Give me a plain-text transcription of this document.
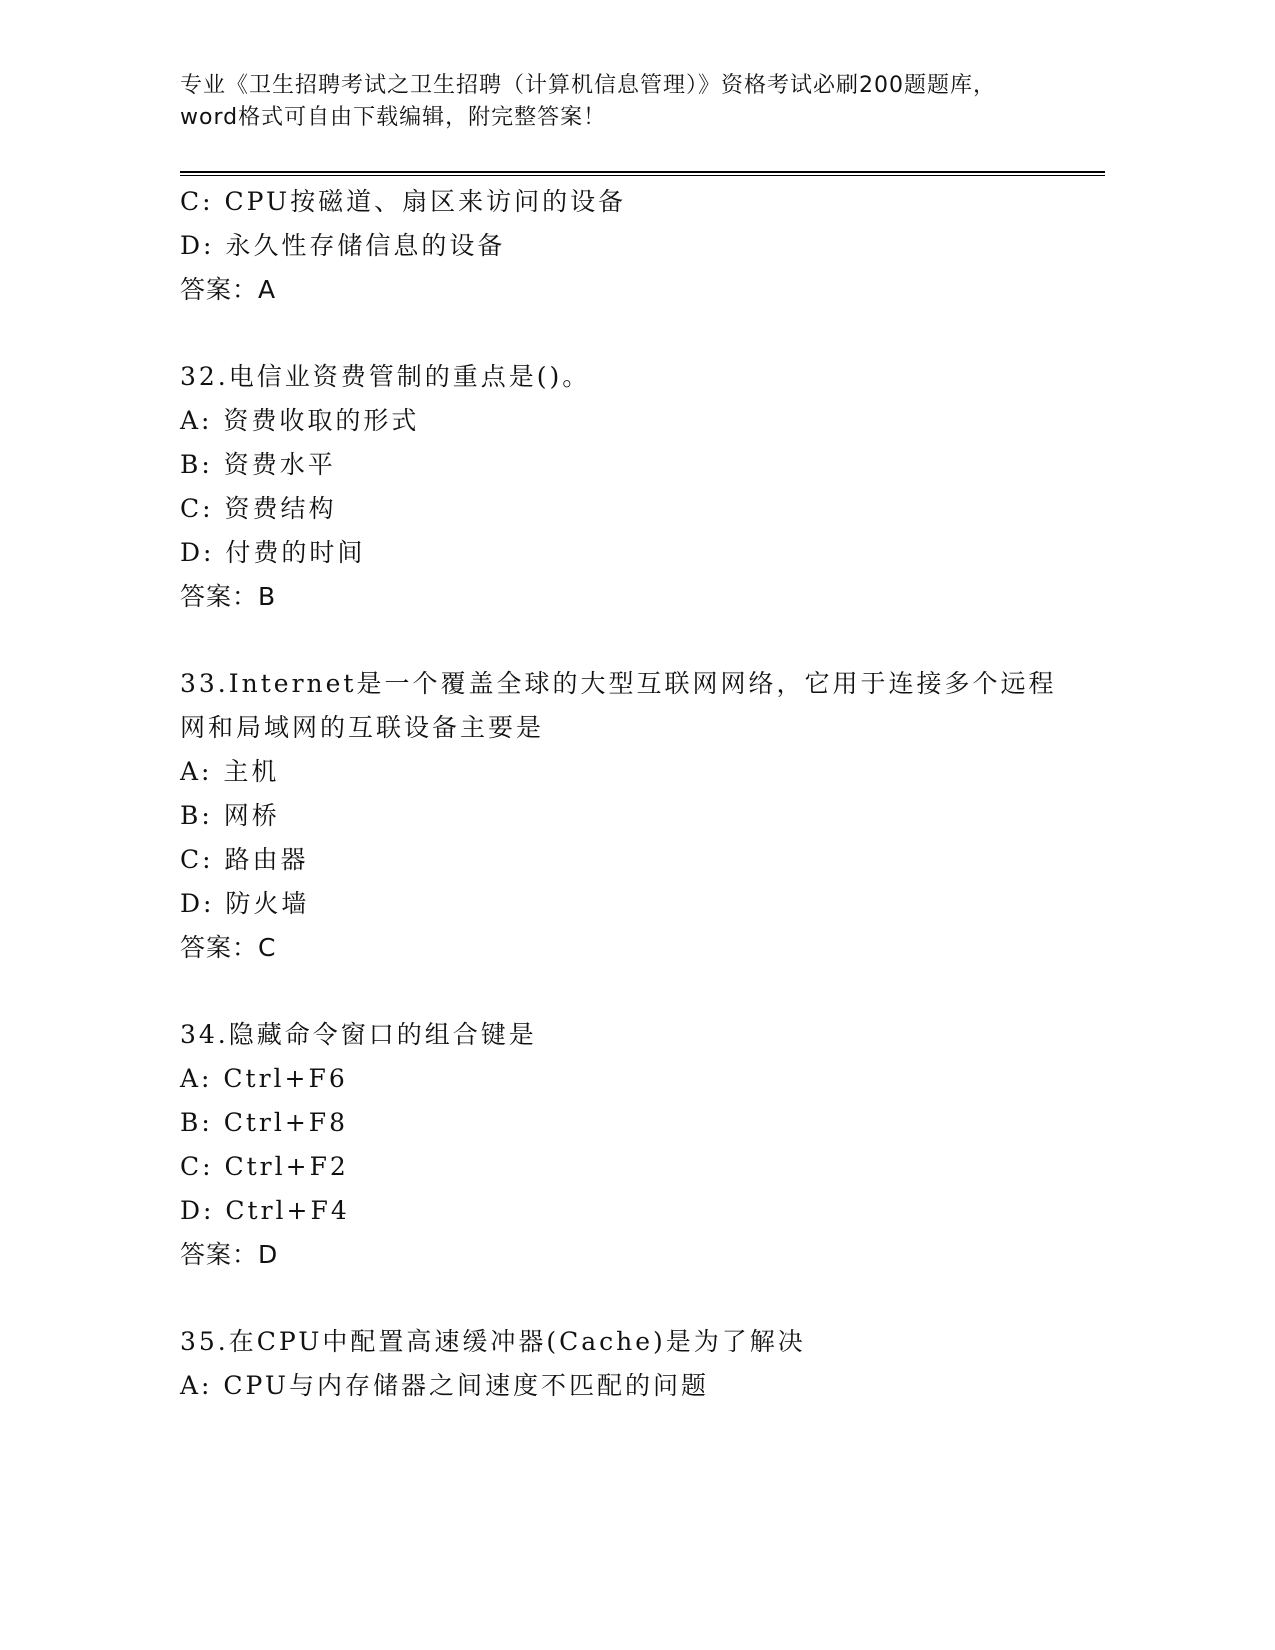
专业《卫生招聘考试之卫生招聘（计算机信息管理）》资格考试必刷200题题库，
word格式可自由下载编辑，附完整答案！
C: CPU按磁道、扇区来访问的设备
D: 永久性存储信息的设备
答案：A
32.电信业资费管制的重点是()。
A: 资费收取的形式
B: 资费水平
C: 资费结构
D: 付费的时间
答案：B
33.Internet是一个覆盖全球的大型互联网网络，它用于连接多个远程
网和局域网的互联设备主要是
A: 主机
B: 网桥
C: 路由器
D: 防火墙
答案：C
34.隐藏命令窗口的组合键是
A: Ctrl+F6
B: Ctrl+F8
C: Ctrl+F2
D: Ctrl+F4
答案：D
35.在CPU中配置高速缓冲器(Cache)是为了解决
A: CPU与内存储器之间速度不匹配的问题
